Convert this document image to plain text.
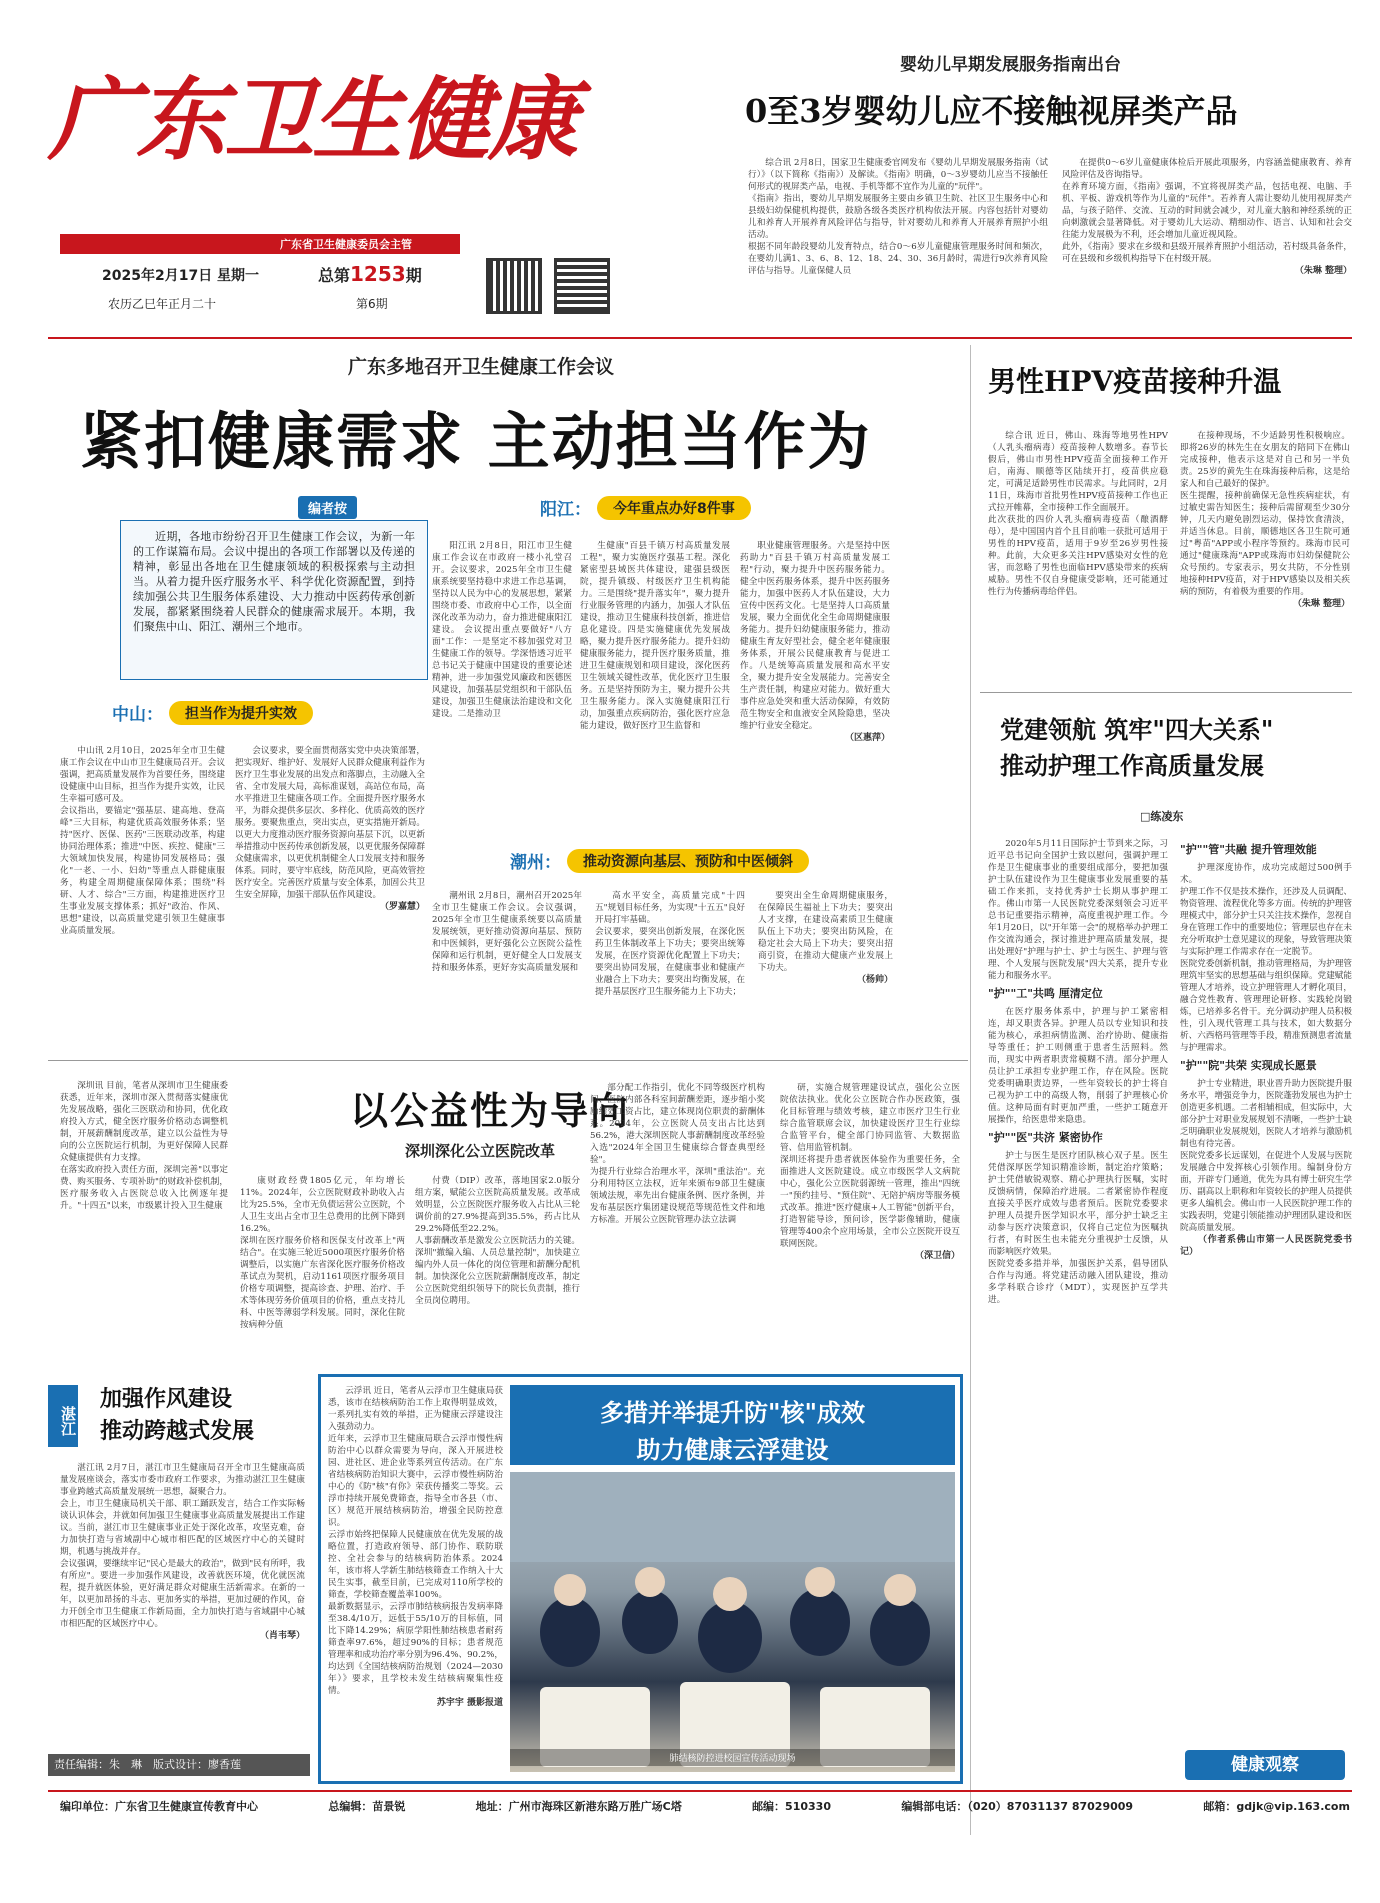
广东卫生健康
广东省卫生健康委员会主管
2025年2月17日 星期一
农历乙巳年正月二十
总第1253期
第6期
婴幼儿早期发展服务指南出台
0至3岁婴幼儿应不接触视屏类产品

综合讯 2月8日，国家卫生健康委官网发布《婴幼儿早期发展服务指南（试行）》（以下简称《指南》）及解读。《指南》明确，0～3岁婴幼儿应当不接触任何形式的视屏类产品，电视、手机等都不宜作为儿童的"玩伴"。
《指南》指出，婴幼儿早期发展服务主要由乡镇卫生院、社区卫生服务中心和县级妇幼保健机构提供，鼓励各级各类医疗机构依法开展。内容包括针对婴幼儿和养育人开展养育风险评估与指导，针对婴幼儿和养育人开展养育照护小组活动。
根据不同年龄段婴幼儿发育特点，结合0～6岁儿童健康管理服务时间和频次，在婴幼儿满1、3、6、8、12、18、24、30、36月龄时，需进行9次养育风险评估与指导。儿童保健人员

在提供0～6岁儿童健康体检后开展此项服务，内容涵盖健康教育、养育风险评估及咨询指导。
在养育环境方面，《指南》强调，不宜将视屏类产品，包括电视、电脑、手机、平板、游戏机等作为儿童的"玩伴"。若养育人需让婴幼儿使用视屏类产品，与孩子陪伴、交流、互动的时间就会减少，对儿童大脑和神经系统的正向刺激就会显著降低。对于婴幼儿大运动、精细动作、语言、认知和社会交往能力发展极为不利，还会增加儿童近视风险。
此外，《指南》要求在乡级和县级开展养育照护小组活动，若村级具备条件，可在县级和乡级机构指导下在村级开展。

（朱琳 整理）
广东多地召开卫生健康工作会议
紧扣健康需求 主动担当作为
编者按

近期，各地市纷纷召开卫生健康工作会议，为新一年的工作谋篇布局。会议中提出的各项工作部署以及传递的精神，彰显出各地在卫生健康领域的积极探索与主动担当。从着力提升医疗服务水平、科学优化资源配置，到持续加强公共卫生服务体系建设、大力推动中医药传承创新发展，都紧紧围绕着人民群众的健康需求展开。本期，我们聚焦中山、阳江、潮州三个地市。

中山：	担当作为提升实效

中山讯 2月10日，2025年全市卫生健康工作会议在中山市卫生健康局召开。会议强调，把高质量发展作为首要任务，围绕建设健康中山目标，担当作为提升实效，让民生幸福可感可及。
会议指出，要锚定"强基层、建高地、登高峰"三大目标，构建优质高效服务体系；坚持"医疗、医保、医药"三医联动改革，构建协同治理体系；推进"中医、疾控、健康"三大领域加快发展，构建协同发展格局；强化"一老、一小、妇幼"等重点人群健康服务，构建全周期健康保障体系；围绕"科研、人才、综合"三方面，构建推进医疗卫生事业发展支撑体系；抓好"政治、作风、思想"建设，以高质量党建引领卫生健康事业高质量发展。

会议要求，要全面贯彻落实党中央决策部署，把实现好、维护好、发展好人民群众健康利益作为医疗卫生事业发展的出发点和落脚点，主动融入全省、全市发展大局，高标准谋划，高站位布局，高水平推进卫生健康各项工作。全面提升医疗服务水平，为群众提供多层次、多样化、优质高效的医疗服务。要聚焦重点，突出实点，更实措施开新局。以更大力度推动医疗服务资源向基层下沉，以更新举措推动中医药传承创新发展，以更优服务保障群众健康需求，以更优机制健全人口发展支持和服务体系。同时，要守牢底线，防范风险，更高效管控医疗安全。完善医疗质量与安全体系，加固公共卫生安全屏障，加强干部队伍作风建设。

（罗嘉慧）
阳江：	今年重点办好8件事

阳江讯 2月8日，阳江市卫生健康工作会议在市政府一楼小礼堂召开。会议要求，2025年全市卫生健康系统要坚持稳中求进工作总基调，坚持以人民为中心的发展思想，紧紧围绕市委、市政府中心工作，以全面深化改革为动力，奋力推进健康阳江建设。 会议提出重点要做好"八方面"工作：一是坚定不移加强党对卫生健康工作的领导。学深悟透习近平总书记关于健康中国建设的重要论述精神，进一步加强党风廉政和医德医风建设，加强基层党组织和干部队伍建设，加强卫生健康法治建设和文化建设。二是推动卫

生健康"百县千镇万村高质量发展工程"，聚力实施医疗强基工程。深化紧密型县域医共体建设，建强县级医院，提升镇级、村级医疗卫生机构能力。三是围绕"提升落实年"，聚力提升行业服务管理的内涵力，加强人才队伍建设，推动卫生健康科技创新，推进信息化建设。四是实施健康优先发展战略，聚力提升医疗服务能力。提升妇幼健康服务能力，提升医疗服务质量，推进卫生健康规划和项目建设，深化医药卫生领域关键性改革，优化医疗卫生服务。五是坚持预防为主，聚力提升公共卫生服务能力。深入实施健康阳江行动，加强重点疾病防治，强化医疗应急能力建设，做好医疗卫生监督和

职业健康管理服务。六是坚持中医药助力"百县千镇万村高质量发展工程"行动，聚力提升中医药服务能力。健全中医药服务体系，提升中医药服务能力，加强中医药人才队伍建设，大力宣传中医药文化。七是坚持人口高质量发展，聚力全面优化全生命周期健康服务能力。提升妇幼健康服务能力，推动健康生育友好型社会，健全老年健康服务体系，开展公民健康教育与促进工作。八是统筹高质量发展和高水平安全，聚力提升安全发展能力。完善安全生产责任制，构建应对能力。做好重大事件应急处突和重大活动保障，有效防范生物安全和血液安全风险隐患，坚决维护行业安全稳定。

（区惠萍）
潮州：	推动资源向基层、预防和中医倾斜

潮州讯 2月8日，潮州召开2025年全市卫生健康工作会议。会议强调，2025年全市卫生健康系统要以高质量发展统领，更好推动资源向基层、预防和中医倾斜，更好强化公立医院公益性保障和运行机制，更好健全人口发展支持和服务体系，更好夯实高质量发展和

高水平安全，高质量完成"十四五"规划目标任务，为实现"十五五"良好开局打牢基础。
会议要求，要突出创新发展，在深化医药卫生体制改革上下功夫；要突出统筹发展，在医疗资源优化配置上下功夫；要突出协同发展，在健康事业和健康产业融合上下功夫；要突出均衡发展，在提升基层医疗卫生服务能力上下功夫；

要突出全生命周期健康服务，在保障民生福祉上下功夫；要突出人才支撑，在建设高素质卫生健康队伍上下功夫；要突出防风险，在稳定社会大局上下功夫；要突出招商引资，在推动大健康产业发展上下功夫。

（杨帅）
男性HPV疫苗接种升温

综合讯 近日，佛山、珠海等地男性HPV（人乳头瘤病毒）疫苗接种人数增多。春节长假后，佛山市男性HPV疫苗全面接种工作开启，南海、顺德等区陆续开打，疫苗供应稳定，可满足适龄男性市民需求。与此同时，2月11日，珠海市首批男性HPV疫苗接种工作也正式拉开帷幕，全市接种工作全面展开。
此次获批的四价人乳头瘤病毒疫苗（酿酒酵母），是中国国内首个且目前唯一获批可适用于男性的HPV疫苗，适用于9岁至26岁男性接种。此前，大众更多关注HPV感染对女性的危害，而忽略了男性也面临HPV感染带来的疾病威胁。男性不仅自身健康受影响，还可能通过性行为传播病毒给伴侣。

在接种现场，不少适龄男性积极响应。即将26岁的林先生在女朋友的陪同下在佛山完成接种，他表示这是对自己和另一半负责。25岁的黄先生在珠海接种后称，这是给家人和自己最好的保护。
医生提醒，接种前确保无急性疾病症状，有过敏史需告知医生；接种后需留观至少30分钟，几天内避免剧烈运动，保持饮食清淡，并适当休息。目前，顺德地区各卫生院可通过"粤苗"APP或小程序等预约。珠海市民可通过"健康珠海"APP或珠海市妇幼保健院公众号预约。专家表示，男女共防，不分性别地接种HPV疫苗，对于HPV感染以及相关疾病的预防，有着极为重要的作用。

（朱琳 整理）
党建领航 筑牢"四大关系"
推动护理工作高质量发展
□练凌东

2020年5月11日国际护士节到来之际，习近平总书记向全国护士致以慰问，强调护理工作是卫生健康事业的重要组成部分，要把加强护士队伍建设作为卫生健康事业发展重要的基础工作来抓，支持优秀护士长期从事护理工作。佛山市第一人民医院党委深刻领会习近平总书记重要指示精神，高度重视护理工作。今年1月20日，以"开年第一会"的规格举办护理工作交流沟通会，探讨推进护理高质量发展，提出处理好"护理与护士、护士与医生、护理与管理、个人发展与医院发展"四大关系，提升专业能力和服务水平。

"护""工"共鸣 厘清定位

在医疗服务体系中，护理与护工紧密相连，却又职责各异。护理人员以专业知识和技能为核心，承担病情监测、治疗协助、健康指导等重任；护工则侧重于患者生活照料。然而，现实中两者职责常模糊不清。部分护理人员让护工承担专业护理工作，存在风险。医院党委明确职责边界，一些年资较长的护士将自己视为护工中的高级人物，削弱了护理核心价值。这种局面有时更加严重，一些护工随意开展操作，给医患带来隐患。

"护""医"共济 紧密协作

护士与医生是医疗团队核心双子星。医生凭借深厚医学知识精准诊断，制定治疗策略；护士凭借敏锐观察、精心护理执行医嘱，实时反馈病情，保障治疗进展。二者紧密协作程度直接关乎医疗成效与患者预后。医院党委要求护理人员提升医学知识水平，部分护士缺乏主动参与医疗决策意识，仅将自己定位为医嘱执行者，有时医生也未能充分重视护士反馈，从而影响医疗效果。
医院党委多措并举，加强医护关系，倡导团队合作与沟通。将党建活动融入团队建设，推动多学科联合诊疗（MDT），实现医护互学共进。

"护""管"共融 提升管理效能

护理深度协作，成功完成超过500例手术。
护理工作不仅是技术操作，还涉及人员调配、物资管理、流程优化等多方面。传统的护理管理模式中，部分护士只关注技术操作，忽视自身在管理工作中的重要地位；管理层也存在未充分听取护士意见建议的现象，导致管理决策与实际护理工作需求存在一定脱节。
医院党委创新机制，推动管理格局，为护理管理筑牢坚实的思想基础与组织保障。党建赋能管理人才培养，设立护理管理人才孵化项目，融合党性教育、管理理论研修、实践轮岗锻炼，已培养多名骨干。充分调动护理人员积极性，引入现代管理工具与技术，如大数据分析、六西格玛管理等手段，精准预测患者流量与护理需求。

"护""院"共荣 实现成长愿景

护士专业精进，职业晋升助力医院提升服务水平，增强竞争力，医院蓬勃发展也为护士创造更多机遇。二者相辅相成，但实际中，大部分护士对职业发展规划不清晰，一些护士缺乏明确职业发展规划，医院人才培养与激励机制也有待完善。
医院党委多长远谋划，在促进个人发展与医院发展融合中发挥核心引领作用。编制身份方面，开辟专门通道，优先为具有博士研究生学历、副高以上职称和年资较长的护理人员提供更多人编机会。佛山市一人民医院护理工作的实践表明，党建引领能推动护理团队建设和医院高质量发展。

（作者系佛山市第一人民医院党委书记）
以公益性为导向
深圳深化公立医院改革

深圳讯 目前，笔者从深圳市卫生健康委获悉，近年来，深圳市深入贯彻落实健康优先发展战略，强化三医联动和协同，优化政府投入方式，健全医疗服务价格动态调整机制，开展薪酬制度改革，建立以公益性为导向的公立医院运行机制，为更好保障人民群众健康提供有力支撑。
在落实政府投入责任方面，深圳完善"以事定费、购买服务、专项补助"的财政补偿机制，医疗服务收入占医院总收入比例逐年提升。"十四五"以来，市级累计投入卫生健康

康财政经费1805亿元，年均增长11%。2024年，公立医院财政补助收入占比为25.5%，全市无负债运营公立医院，个人卫生支出占全市卫生总费用的比例下降到16.2%。
深圳在医疗服务价格和医保支付改革上"两结合"。在实施三轮近5000项医疗服务价格调整后，以实施广东省深化医疗服务价格改革试点为契机，启动1161项医疗服务项目价格专项调整，提高诊查、护理、治疗、手术等体现劳务价值项目的价格，重点支持儿科、中医等薄弱学科发展。同时，深化住院按病种分值

付费（DIP）改革，落地国家2.0版分组方案，赋能公立医院高质量发展。改革成效明显，公立医院医疗服务收入占比从三轮调价前的27.9%提高到35.5%，药占比从29.2%降低至22.2%。
人事薪酬改革是激发公立医院活力的关键。深圳"撤编入编、人员总量控制"，加快建立编内外人员一体化的岗位管理和薪酬分配机制。加快深化公立医院薪酬制度改革，制定公立医院党组织领导下的院长负责制，推行全员岗位聘用。

部分配工作指引，优化不同等级医疗机构间、医院内部各科室间薪酬差距，逐步缩小奖励绩效工资占比，建立体现岗位职责的薪酬体系。2024年，公立医院人员支出占比达到56.2%，港大深圳医院人事薪酬制度改革经验入选"2024年全国卫生健康综合督查典型经验"。
为提升行业综合治理水平，深圳"重法治"。充分利用特区立法权，近年来颁布9部卫生健康领域法规，率先出台健康条例、医疗条例，并发布基层医疗集团建设规范等规范性文件和地方标准。开展公立医院管理办法立法调

研，实施合规管理建设试点，强化公立医院依法执业。优化公立医院合作办医政策，强化目标管理与绩效考核，建立市医疗卫生行业综合监管联席会议，加快建设医疗卫生行业综合监管平台，健全部门协同监管、大数据监管、信用监管机制。
深圳还将提升患者就医体验作为重要任务，全面推进人文医院建设。成立市级医学人文病院中心，强化公立医院弱源统一管理，推出"四统一"预约挂号、"预住院"、无陪护病房等服务模式改革。推进"医疗健康+人工智能"创新平台，打造智能导诊，预问诊，医学影像辅助，健康管理等400余个应用场景，全市公立医院开设互联网医院。

（深卫信）
湛江
加强作风建设
推动跨越式发展

湛江讯 2月7日，湛江市卫生健康局召开全市卫生健康高质量发展座谈会，落实市委市政府工作要求，为推动湛江卫生健康事业跨越式高质量发展统一思想，凝聚合力。
会上，市卫生健康局机关干部、职工踊跃发言，结合工作实际畅谈认识体会，并就如何加强卫生健康事业高质量发展提出工作建议。当前，湛江市卫生健康事业正处于深化改革，攻坚克难，奋力加快打造与省域副中心城市相匹配的区域医疗中心的关键时期，机遇与挑战并存。
会议强调，要继续牢记"民心是最大的政治"，做到"民有所呼，我有所应"。要进一步加强作风建设，改善就医环境，优化就医流程，提升就医体验，更好满足群众对健康生活新需求。在新的一年，以更加昂扬的斗志、更加务实的举措，更加过硬的作风，奋力开创全市卫生健康工作新局面，全力加快打造与省域副中心城市相匹配的区域医疗中心。

（肖韦琴）
责任编辑：朱　琳　版式设计：廖香莲

云浮讯 近日，笔者从云浮市卫生健康局获悉，该市在结核病防治工作上取得明显成效，一系列扎实有效的举措，正为健康云浮建设注入强劲动力。
近年来，云浮市卫生健康局联合云浮市慢性病防治中心以群众需要为导向，深入开展进校园、进社区、进企业等系列宣传活动。在广东省结核病防治知识大赛中，云浮市慢性病防治中心的《防"核"有你》荣获传播奖二等奖。云浮市持续开展免费筛查，指导全市各县（市、区）规范开展结核病防治，增强全民防控意识。
云浮市始终把保障人民健康放在优先发展的战略位置，打造政府领导、部门协作、联防联控、全社会参与的结核病防治体系。2024年，该市将人学新生肺结核筛查工作纳入十大民生实事，截至目前，已完成对110所学校的筛查，学校筛查覆盖率100%。
最新数据显示，云浮市肺结核病报告发病率降至38.4/10万，远低于55/10万的目标值，同比下降14.29%；病原学阳性肺结核患者耐药筛查率97.6%，超过90%的目标；患者规范管理率和成功治疗率分别为96.4%、90.2%，均达到《全国结核病防治规划（2024—2030年）》要求，且学校未发生结核病聚集性疫情。

苏宇宇 摄影报道
多措并举提升防"核"成效
助力健康云浮建设
肺结核防控进校园宣传活动现场	健康观察
编印单位：广东省卫生健康宣传教育中心	总编辑：苗景锐	地址：广州市海珠区新港东路万胜广场C塔	邮编：510330	编辑部电话：（020）87031137 87029009	邮箱：gdjk@vip.163.com
